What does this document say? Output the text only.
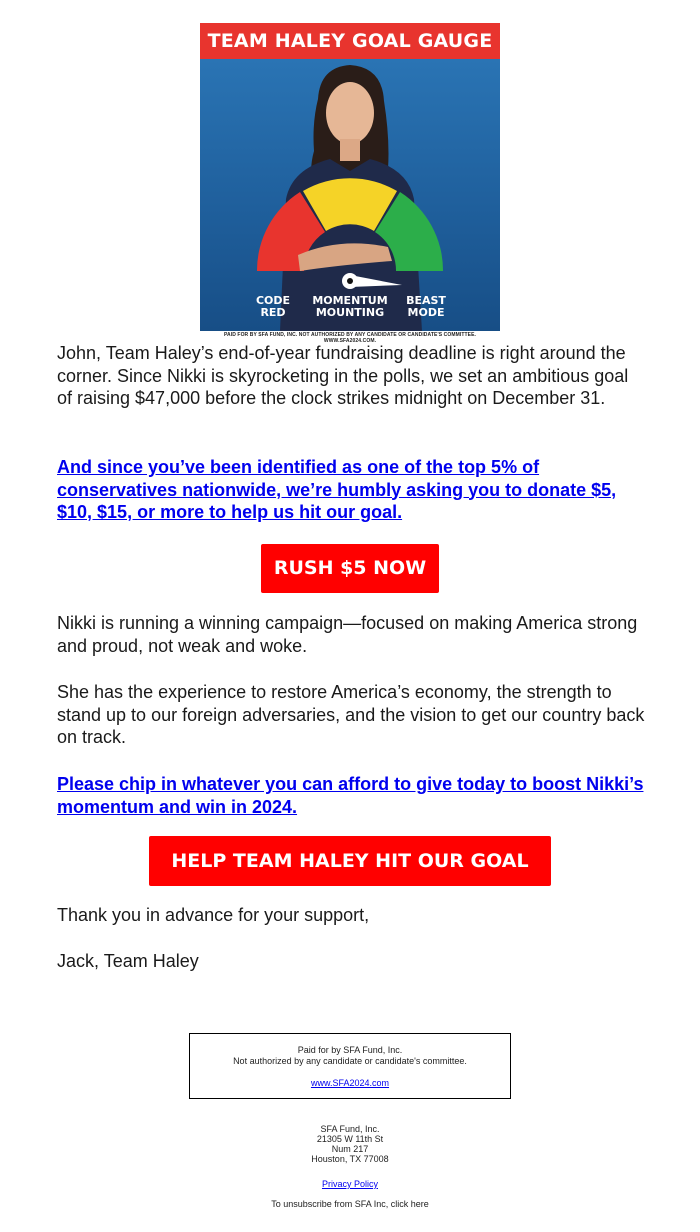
TEAM HALEY GOAL GAUGE
CODE
RED
MOMENTUM
MOUNTING
BEAST
MODE
PAID FOR BY SFA FUND, INC. NOT AUTHORIZED BY ANY CANDIDATE OR CANDIDATE'S COMMITTEE. WWW.SFA2024.COM.

John, Team Haley’s end-of-year fundraising deadline is right around the corner. Since Nikki is skyrocketing in the polls, we set an ambitious goal of raising $47,000 before the clock strikes midnight on December 31.

And since you’ve been identified as one of the top 5% of conservatives nationwide, we’re humbly asking you to donate $5, $10, $15, or more to help us hit our goal.
RUSH $5 NOW

Nikki is running a winning campaign—focused on making America strong and proud, not weak and woke.

She has the experience to restore America’s economy, the strength to stand up to our foreign adversaries, and the vision to get our country back on track.

Please chip in whatever you can afford to give today to boost Nikki’s momentum and win in 2024.
HELP TEAM HALEY HIT OUR GOAL

Thank you in advance for your support,

Jack, Team Haley

Paid for by SFA Fund, Inc.
Not authorized by any candidate or candidate's committee.
www.SFA2024.com
SFA Fund, Inc.
21305 W 11th St
Num 217
Houston, TX 77008
Privacy Policy
To unsubscribe from SFA Inc, click here
